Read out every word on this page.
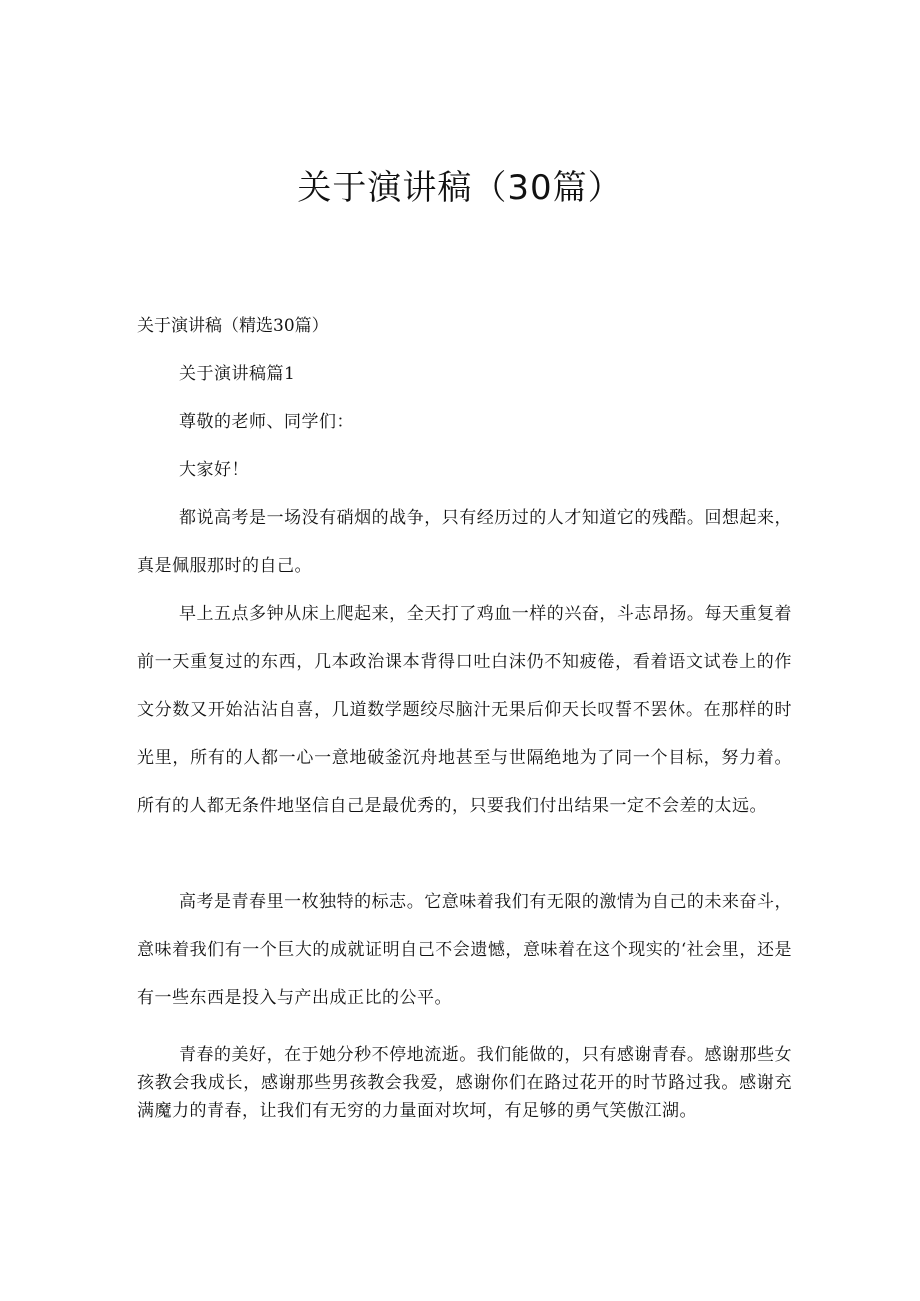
关于演讲稿（30篇）
关于演讲稿（精选30篇）

关于演讲稿篇1

尊敬的老师、同学们：

大家好！

都说高考是一场没有硝烟的战争，只有经历过的人才知道它的残酷。回想起来，真是佩服那时的自己。

早上五点多钟从床上爬起来，全天打了鸡血一样的兴奋，斗志昂扬。每天重复着前一天重复过的东西，几本政治课本背得口吐白沫仍不知疲倦，看着语文试卷上的作文分数又开始沾沾自喜，几道数学题绞尽脑汁无果后仰天长叹誓不罢休。在那样的时光里，所有的人都一心一意地破釜沉舟地甚至与世隔绝地为了同一个目标，努力着。所有的人都无条件地坚信自己是最优秀的，只要我们付出结果一定不会差的太远。

高考是青春里一枚独特的标志。它意味着我们有无限的激情为自己的未来奋斗，意味着我们有一个巨大的成就证明自己不会遗憾，意味着在这个现实的‘社会里，还是有一些东西是投入与产出成正比的公平。

青春的美好，在于她分秒不停地流逝。我们能做的，只有感谢青春。感谢那些女孩教会我成长，感谢那些男孩教会我爱，感谢你们在路过花开的时节路过我。感谢充满魔力的青春，让我们有无穷的力量面对坎坷，有足够的勇气笑傲江湖。
